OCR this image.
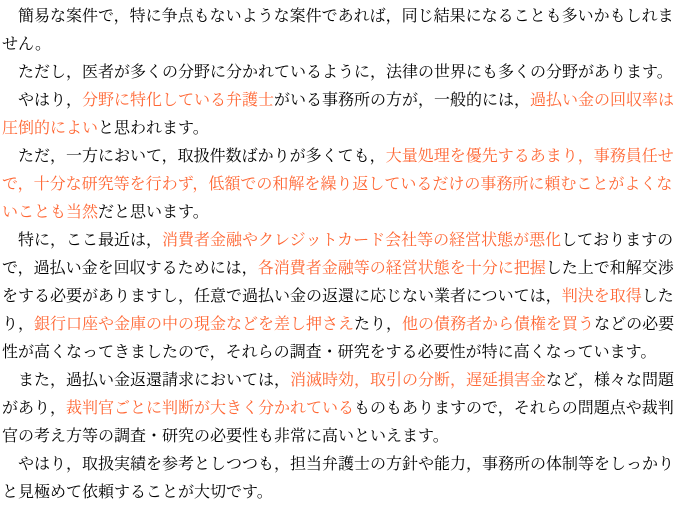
簡易な案件で，特に争点もないような案件であれば，同じ結果になることも多いかもしれません。

ただし，医者が多くの分野に分かれているように，法律の世界にも多くの分野があります。

やはり，分野に特化している弁護士がいる事務所の方が，一般的には，過払い金の回収率は圧倒的によいと思われます。

ただ，一方において，取扱件数ばかりが多くても，大量処理を優先するあまり，事務員任せで，十分な研究等を行わず，低額での和解を繰り返しているだけの事務所に頼むことがよくないことも当然だと思います。

特に，ここ最近は，消費者金融やクレジットカード会社等の経営状態が悪化しておりますので，過払い金を回収するためには，各消費者金融等の経営状態を十分に把握した上で和解交渉をする必要がありますし，任意で過払い金の返還に応じない業者については，判決を取得したり，銀行口座や金庫の中の現金などを差し押さえたり，他の債務者から債権を買うなどの必要性が高くなってきましたので，それらの調査・研究をする必要性が特に高くなっています。

また，過払い金返還請求においては，消滅時効，取引の分断，遅延損害金など，様々な問題があり，裁判官ごとに判断が大きく分かれているものもありますので，それらの問題点や裁判官の考え方等の調査・研究の必要性も非常に高いといえます。

やはり，取扱実績を参考としつつも，担当弁護士の方針や能力，事務所の体制等をしっかりと見極めて依頼することが大切です。
